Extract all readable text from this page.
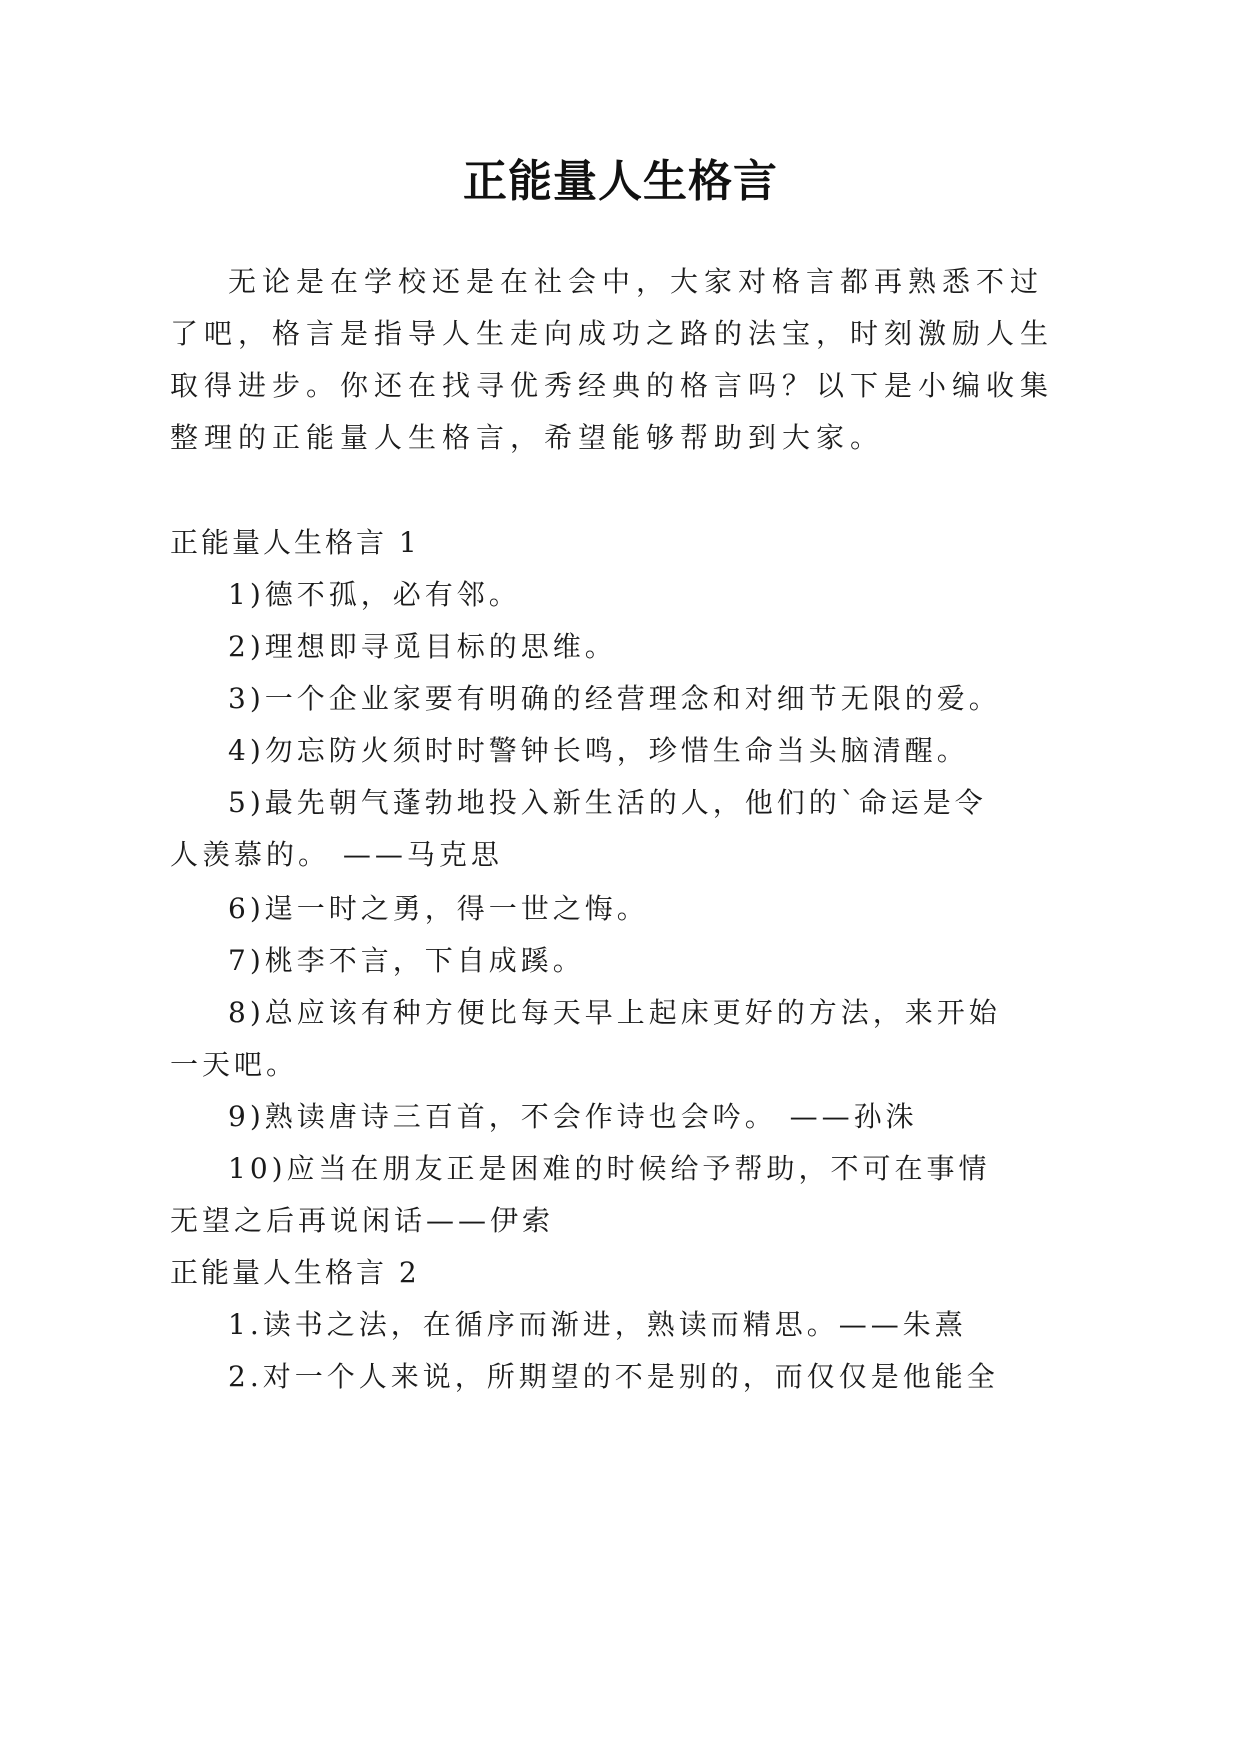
正能量人生格言
无论是在学校还是在社会中，大家对格言都再熟悉不过
了吧，格言是指导人生走向成功之路的法宝，时刻激励人生
取得进步。你还在找寻优秀经典的格言吗？以下是小编收集
整理的正能量人生格言，希望能够帮助到大家。
正能量人生格言 1
1)德不孤，必有邻。
2)理想即寻觅目标的思维。
3)一个企业家要有明确的经营理念和对细节无限的爱。
4)勿忘防火须时时警钟长鸣，珍惜生命当头脑清醒。
5)最先朝气蓬勃地投入新生活的人，他们的`命运是令
人羡慕的。 ——马克思
6)逞一时之勇，得一世之悔。
7)桃李不言，下自成蹊。
8)总应该有种方便比每天早上起床更好的方法，来开始
一天吧。
9)熟读唐诗三百首，不会作诗也会吟。 ——孙洙
10)应当在朋友正是困难的时候给予帮助，不可在事情
无望之后再说闲话——伊索
正能量人生格言 2
1.读书之法，在循序而渐进，熟读而精思。——朱熹
2.对一个人来说，所期望的不是别的，而仅仅是他能全
